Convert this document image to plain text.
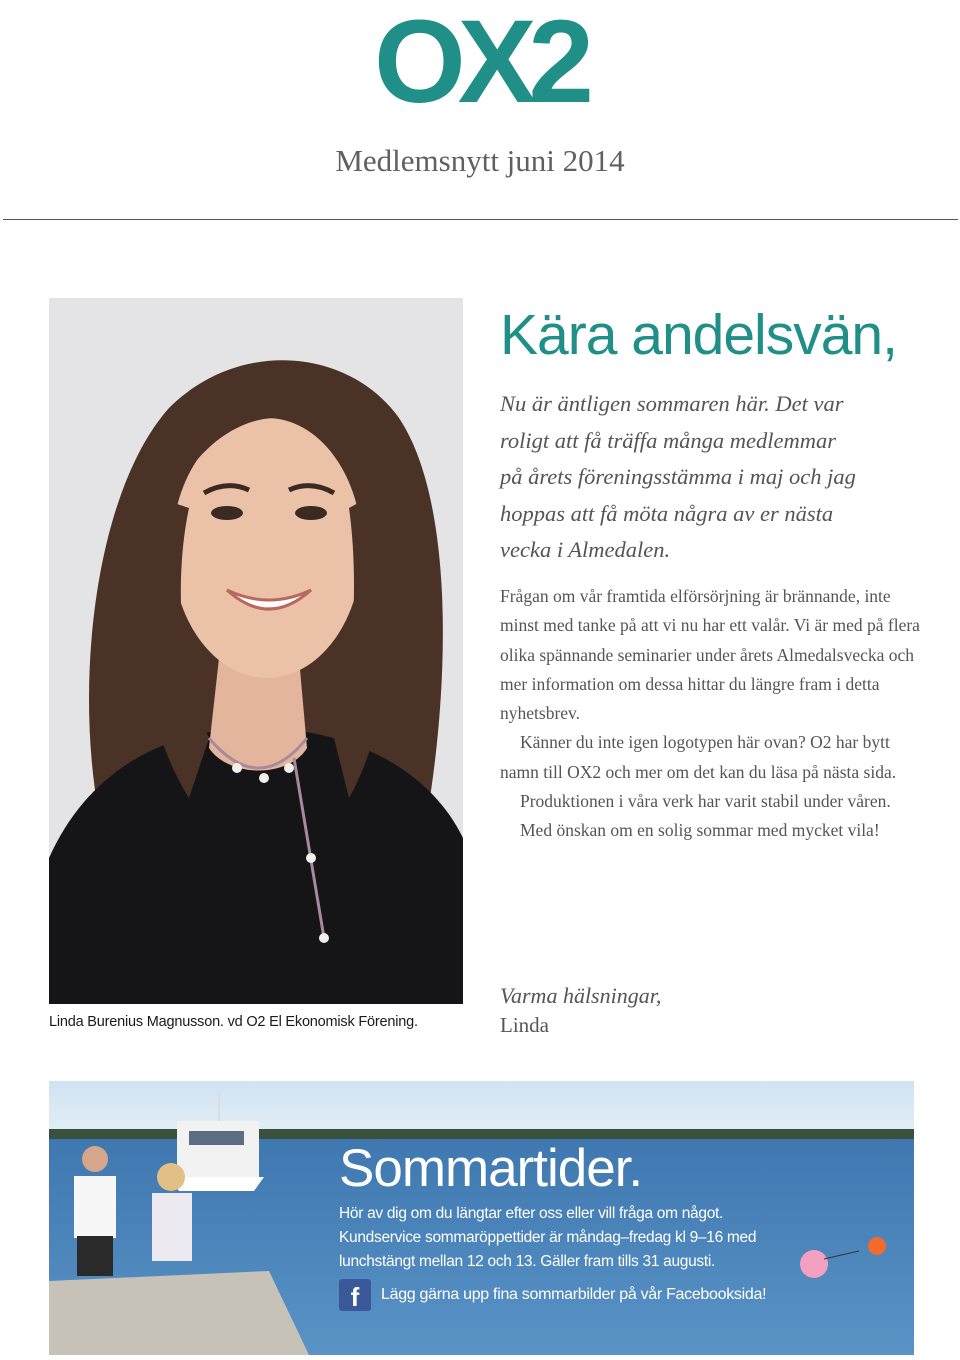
OX2
Medlemsnytt juni 2014
Linda Burenius Magnusson. vd O2 El Ekonomisk Förening.
Kära andelsvän,
Nu är äntligen sommaren här. Det var
roligt att få träffa många medlemmar
på årets föreningsstämma i maj och jag
hoppas att få möta några av er nästa
vecka i Almedalen.

Frågan om vår framtida elförsörjning är brännande, inte minst med tanke på att vi nu har ett valår. Vi är med på flera olika spännande seminarier under årets Almedalsvecka och mer information om dessa hittar du längre fram i detta nyhetsbrev.

Känner du inte igen logotypen här ovan? O2 har bytt namn till OX2 och mer om det kan du läsa på nästa sida.

Produktionen i våra verk har varit stabil under våren.

Med önskan om en solig sommar med mycket vila!

Varma hälsningar,
Linda
Sommartider.
Hör av dig om du längtar efter oss eller vill fråga om något.
Kundservice sommaröppettider är måndag–fredag kl 9–16 med
lunchstängt mellan 12 och 13. Gäller fram tills 31 augusti.
f	Lägg gärna upp fina sommarbilder på vår Facebooksida!
